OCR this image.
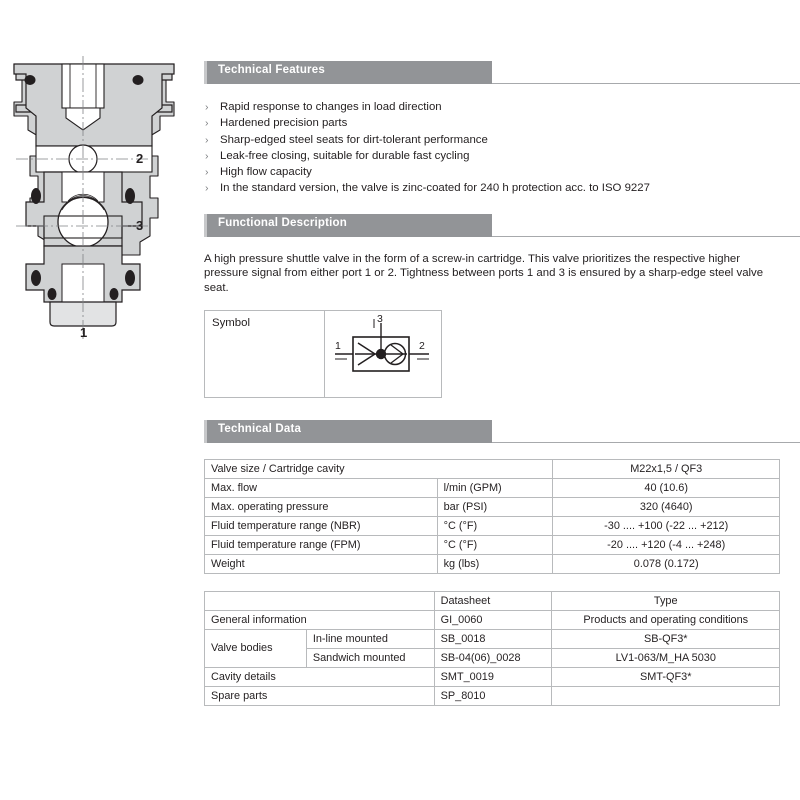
2
3
1
Technical Features
› Rapid response to changes in load direction
› Hardened precision parts
› Sharp-edged steel seats for dirt-tolerant performance
› Leak-free closing, suitable for durable fast cycling
› High flow capacity
› In the standard version, the valve is zinc-coated for 240 h protection acc. to ISO 9227
Functional Description

A high pressure shuttle valve in the form of a screw-in cartridge. This valve prioritizes the respective higher pressure signal from either port 1 or 2. Tightness between ports 1 and 3 is ensured by a sharp-edge steel valve seat.

Symbol
1	2
3
Technical Data
Valve size / Cartridge cavity		M22x1,5 / QF3
Max. flow	l/min (GPM)	40 (10.6)
Max. operating pressure	bar (PSI)	320 (4640)
Fluid temperature range (NBR)	°C (°F)	-30 .... +100 (-22 ... +212)
Fluid temperature range (FPM)	°C (°F)	-20 .... +120 (-4 ... +248)
Weight	kg (lbs)	0.078 (0.172)
		Datasheet	Type
General information		GI_0060	Products and operating conditions
Valve bodies	In-line mounted	SB_0018	SB-QF3*
	Sandwich mounted	SB-04(06)_0028	LV1-063/M_HA 5030
Cavity details		SMT_0019	SMT-QF3*
Spare parts		SP_8010	
